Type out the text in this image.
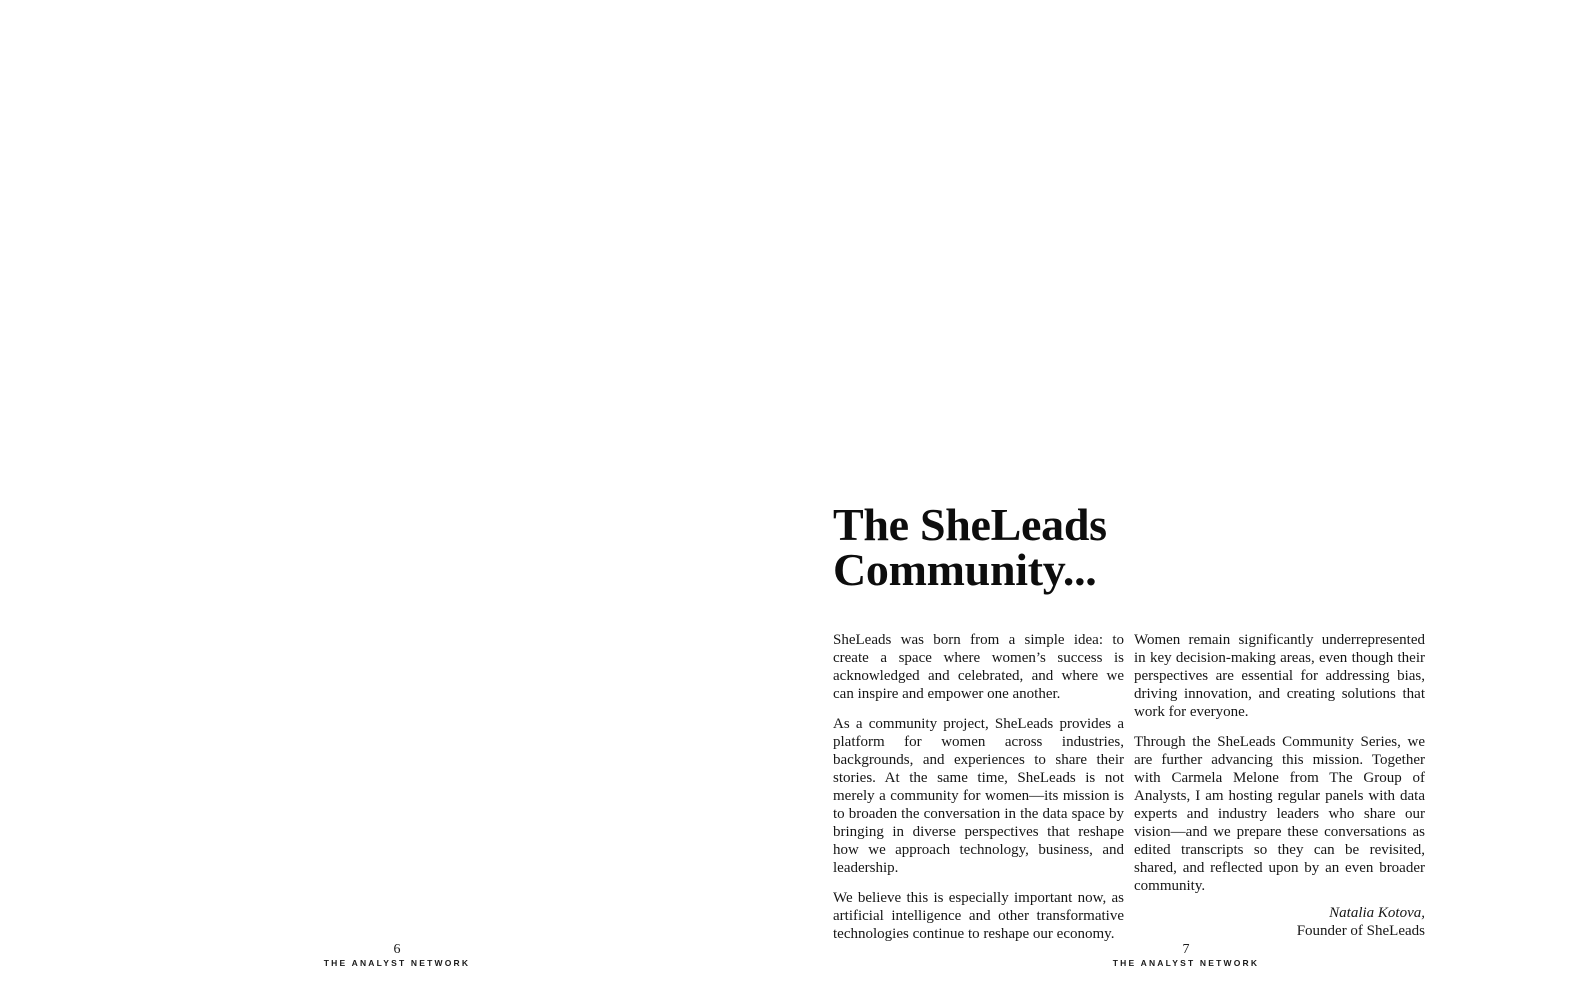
The SheLeads
Community...

SheLeads was born from a simple idea: to create a space where women’s success is acknowledged and celebrated, and where we can inspire and empower one another.

As a community project, SheLeads provides a platform for women across industries, backgrounds, and experiences to share their stories. At the same time, SheLeads is not merely a community for women—its mission is to broaden the conversation in the data space by bringing in diverse perspectives that reshape how we approach technology, business, and leadership.

We believe this is especially important now, as artificial intelligence and other transformative technologies continue to reshape our economy.

Women remain significantly underrepresented in key decision-making areas, even though their perspectives are essential for addressing bias, driving innovation, and creating solutions that work for everyone.

Through the SheLeads Community Series, we are further advancing this mission. Together with Carmela Melone from The Group of Analysts, I am hosting regular panels with data experts and industry leaders who share our vision—and we prepare these conversations as edited transcripts so they can be revisited, shared, and reflected upon by an even broader community.

Natalia Kotova,
Founder of SheLeads
6
THE ANALYST NETWORK
7
THE ANALYST NETWORK
